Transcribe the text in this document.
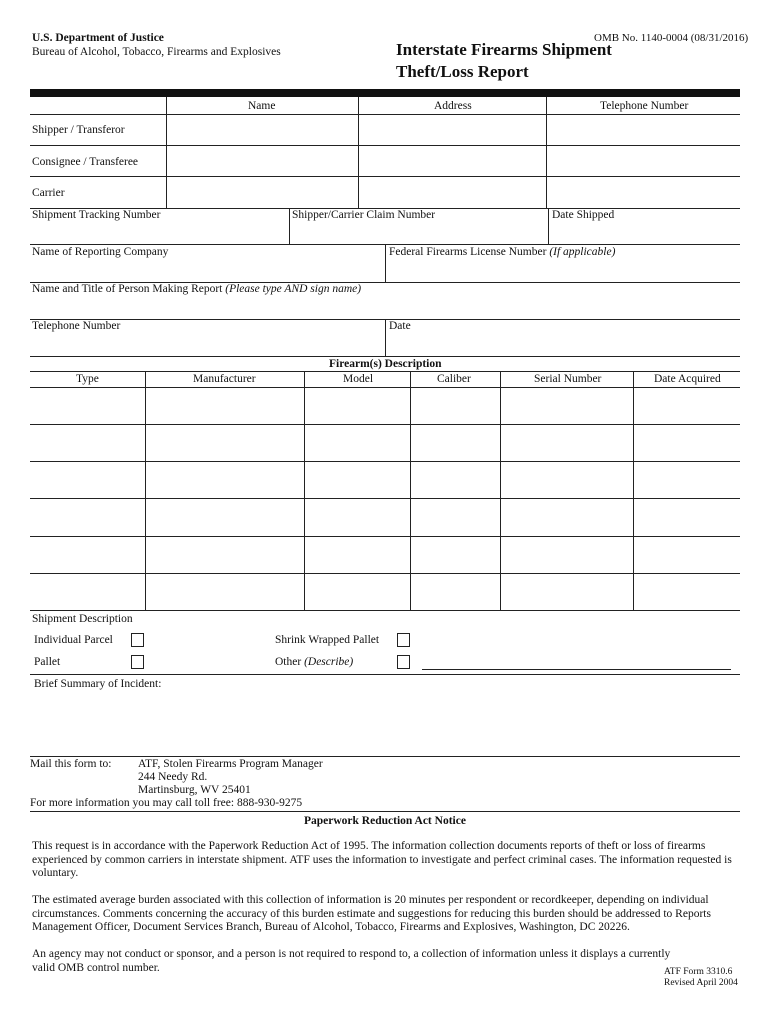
U.S. Department of Justice
Bureau of Alcohol, Tobacco, Firearms and Explosives
OMB No. 1140-0004 (08/31/2016)
Interstate Firearms Shipment
Theft/Loss Report
Name	Address	Telephone Number
Shipper / Transferor
Consignee / Transferee
Carrier
Shipment Tracking Number	Shipper/Carrier Claim Number	Date Shipped
Name of Reporting Company	Federal Firearms License Number (If applicable)
Name and Title of Person Making Report (Please type AND sign name)
Telephone Number	Date
Firearm(s) Description
Type	Manufacturer	Model	Caliber	Serial Number	Date Acquired
Shipment Description
Individual Parcel	Shrink Wrapped Pallet
Pallet	Other (Describe)
Brief Summary of Incident:
Mail this form to: ATF, Stolen Firearms Program Manager
244 Needy Rd.
Martinsburg, WV 25401
For more information you may call toll free: 888-930-9275
Paperwork Reduction Act Notice
This request is in accordance with the Paperwork Reduction Act of 1995. The information collection documents reports of theft or loss of firearms experienced by common carriers in interstate shipment. ATF uses the information to investigate and perfect criminal cases. The information requested is voluntary.
The estimated average burden associated with this collection of information is 20 minutes per respondent or recordkeeper, depending on individual circumstances. Comments concerning the accuracy of this burden estimate and suggestions for reducing this burden should be addressed to Reports Management Officer, Document Services Branch, Bureau of Alcohol, Tobacco, Firearms and Explosives, Washington, DC 20226.
An agency may not conduct or sponsor, and a person is not required to respond to, a collection of information unless it displays a currently valid OMB control number.	ATF Form 3310.6
Revised April 2004
